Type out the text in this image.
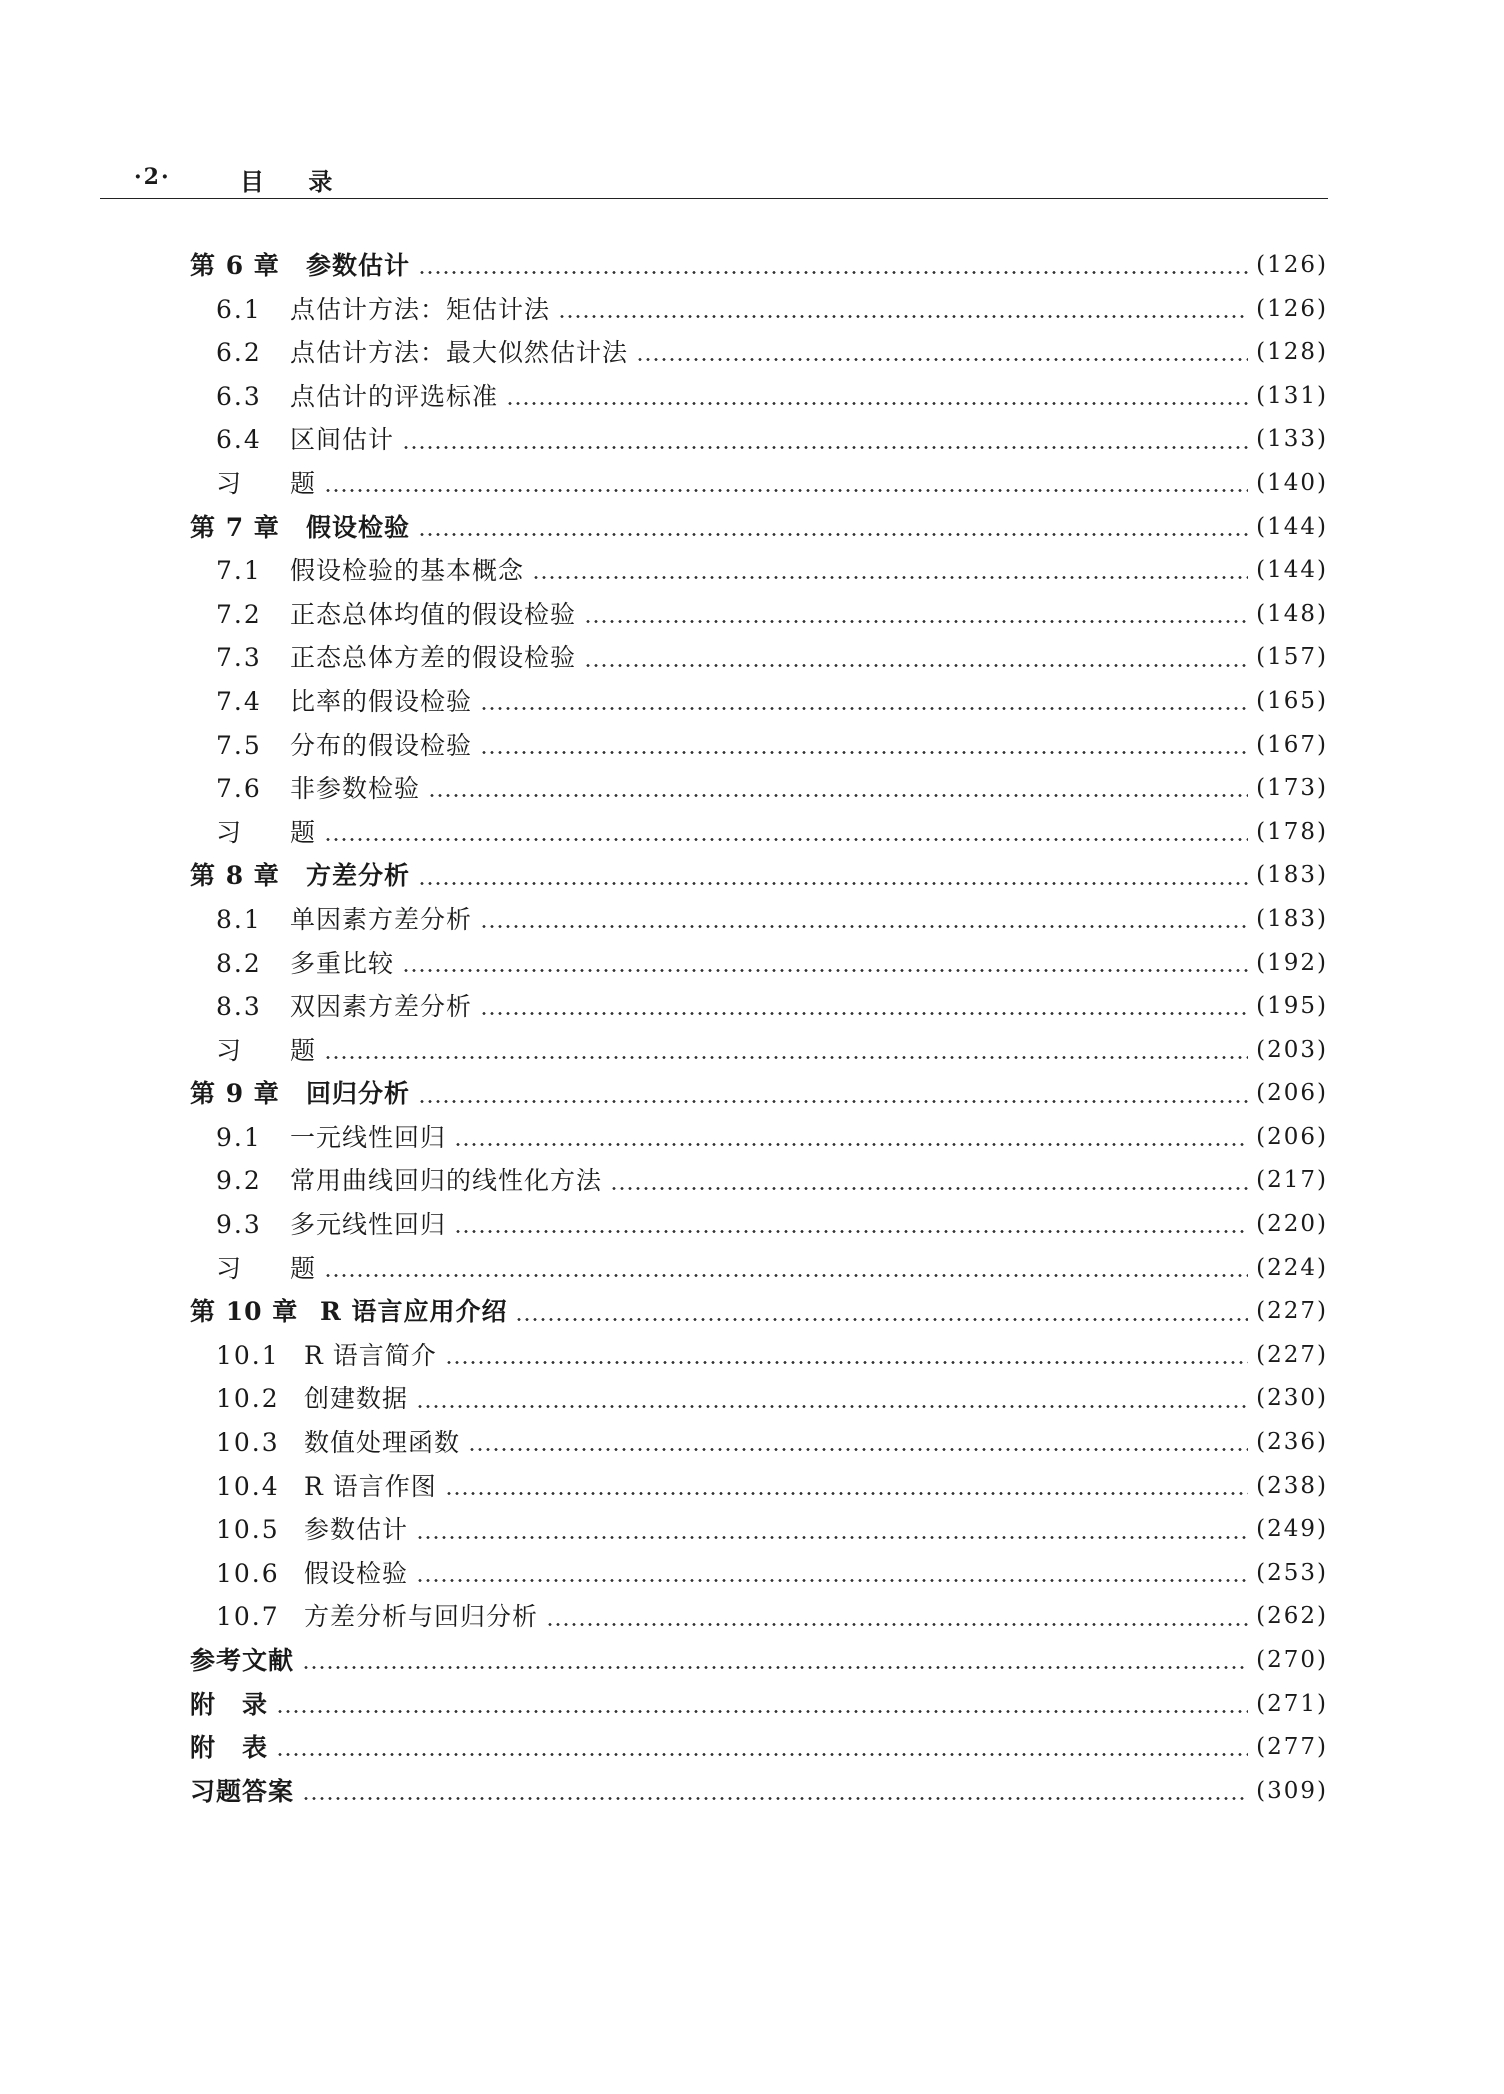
·2·	目 录
第 6 章 参数估计	(126)
6.1 点估计方法：矩估计法	(126)
6.2 点估计方法：最大似然估计法	(128)
6.3 点估计的评选标准	(131)
6.4 区间估计	(133)
习 题	(140)
第 7 章 假设检验	(144)
7.1 假设检验的基本概念	(144)
7.2 正态总体均值的假设检验	(148)
7.3 正态总体方差的假设检验	(157)
7.4 比率的假设检验	(165)
7.5 分布的假设检验	(167)
7.6 非参数检验	(173)
习 题	(178)
第 8 章 方差分析	(183)
8.1 单因素方差分析	(183)
8.2 多重比较	(192)
8.3 双因素方差分析	(195)
习 题	(203)
第 9 章 回归分析	(206)
9.1 一元线性回归	(206)
9.2 常用曲线回归的线性化方法	(217)
9.3 多元线性回归	(220)
习 题	(224)
第 10 章 R 语言应用介绍	(227)
10.1 R 语言简介	(227)
10.2 创建数据	(230)
10.3 数值处理函数	(236)
10.4 R 语言作图	(238)
10.5 参数估计	(249)
10.6 假设检验	(253)
10.7 方差分析与回归分析	(262)
参考文献	(270)
附　录	(271)
附　表	(277)
习题答案	(309)
